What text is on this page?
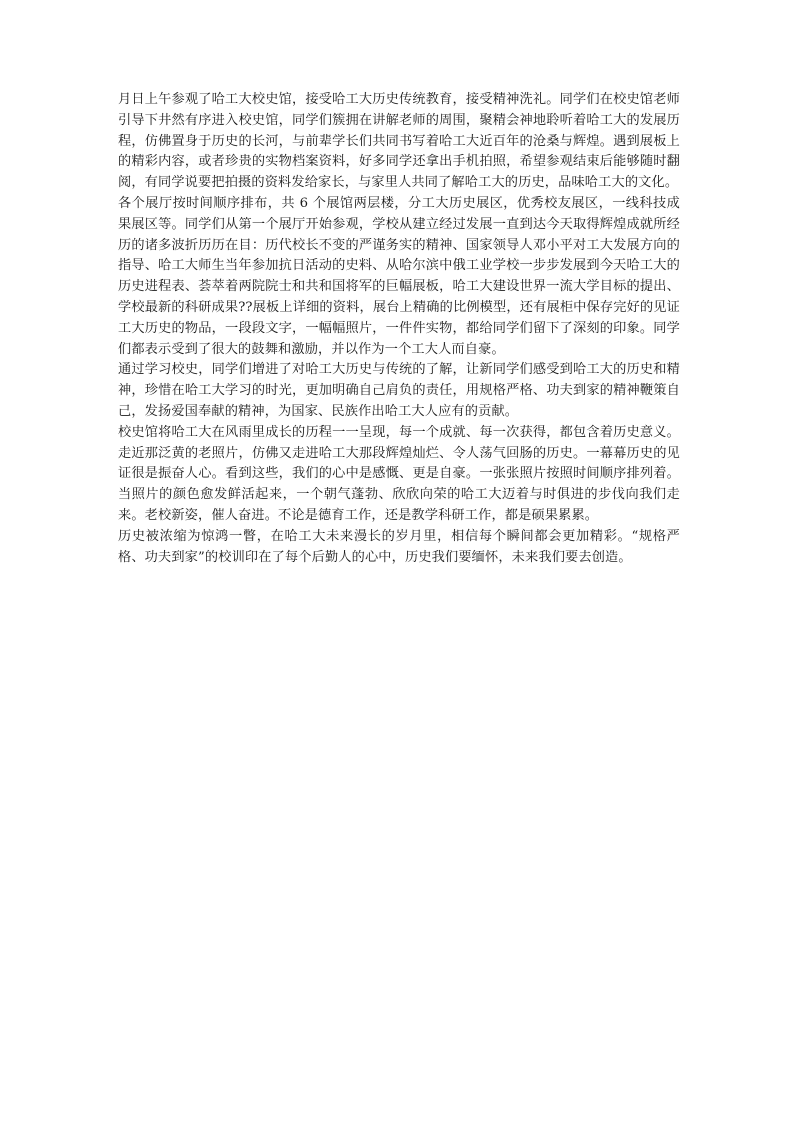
月日上午参观了哈工大校史馆，接受哈工大历史传统教育，接受精神洗礼。同学们在校史馆老师引导下井然有序进入校史馆，同学们簇拥在讲解老师的周围，聚精会神地聆听着哈工大的发展历程，仿佛置身于历史的长河，与前辈学长们共同书写着哈工大近百年的沧桑与辉煌。遇到展板上的精彩内容，或者珍贵的实物档案资料，好多同学还拿出手机拍照，希望参观结束后能够随时翻阅，有同学说要把拍摄的资料发给家长，与家里人共同了解哈工大的历史，品味哈工大的文化。

各个展厅按时间顺序排布，共 6 个展馆两层楼，分工大历史展区，优秀校友展区，一线科技成果展区等。同学们从第一个展厅开始参观，学校从建立经过发展一直到达今天取得辉煌成就所经历的诸多波折历历在目：历代校长不变的严谨务实的精神、国家领导人邓小平对工大发展方向的指导、哈工大师生当年参加抗日活动的史料、从哈尔滨中俄工业学校一步步发展到今天哈工大的历史进程表、荟萃着两院院士和共和国将军的巨幅展板，哈工大建设世界一流大学目标的提出、学校最新的科研成果??展板上详细的资料，展台上精确的比例模型，还有展柜中保存完好的见证工大历史的物品，一段段文字，一幅幅照片，一件件实物，都给同学们留下了深刻的印象。同学们都表示受到了很大的鼓舞和激励，并以作为一个工大人而自豪。

通过学习校史，同学们增进了对哈工大历史与传统的了解，让新同学们感受到哈工大的历史和精神，珍惜在哈工大学习的时光，更加明确自己肩负的责任，用规格严格、功夫到家的精神鞭策自己，发扬爱国奉献的精神，为国家、民族作出哈工大人应有的贡献。

校史馆将哈工大在风雨里成长的历程一一呈现，每一个成就、每一次获得，都包含着历史意义。走近那泛黄的老照片，仿佛又走进哈工大那段辉煌灿烂、令人荡气回肠的历史。一幕幕历史的见证很是振奋人心。看到这些，我们的心中是感慨、更是自豪。一张张照片按照时间顺序排列着。当照片的颜色愈发鲜活起来，一个朝气蓬勃、欣欣向荣的哈工大迈着与时俱进的步伐向我们走来。老校新姿，催人奋进。不论是德育工作，还是教学科研工作，都是硕果累累。

历史被浓缩为惊鸿一瞥，在哈工大未来漫长的岁月里，相信每个瞬间都会更加精彩。“规格严格、功夫到家”的校训印在了每个后勤人的心中，历史我们要缅怀，未来我们要去创造。
